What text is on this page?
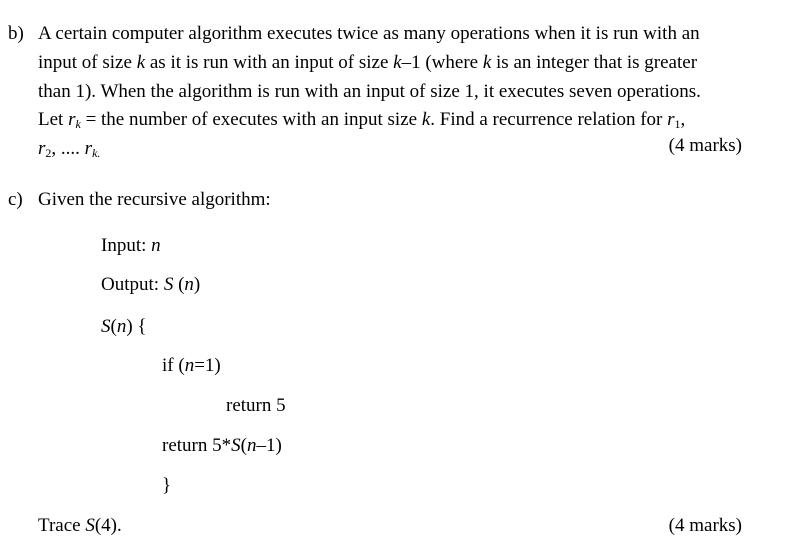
b) A certain computer algorithm executes twice as many operations when it is run with an
input of size k as it is run with an input of size k–1 (where k is an integer that is greater
than 1). When the algorithm is run with an input of size 1, it executes seven operations.
Let $r_k$ = the number of executes with an input size k. Find a recurrence relation for $r_1$,
$r_2$, .... $r_{k.}$	(4 marks)
c) Given the recursive algorithm:
Input: n
Output: S (n)
S(n) {
if (n=1)
return 5
return 5*S(n–1)
}
Trace S(4).	(4 marks)
